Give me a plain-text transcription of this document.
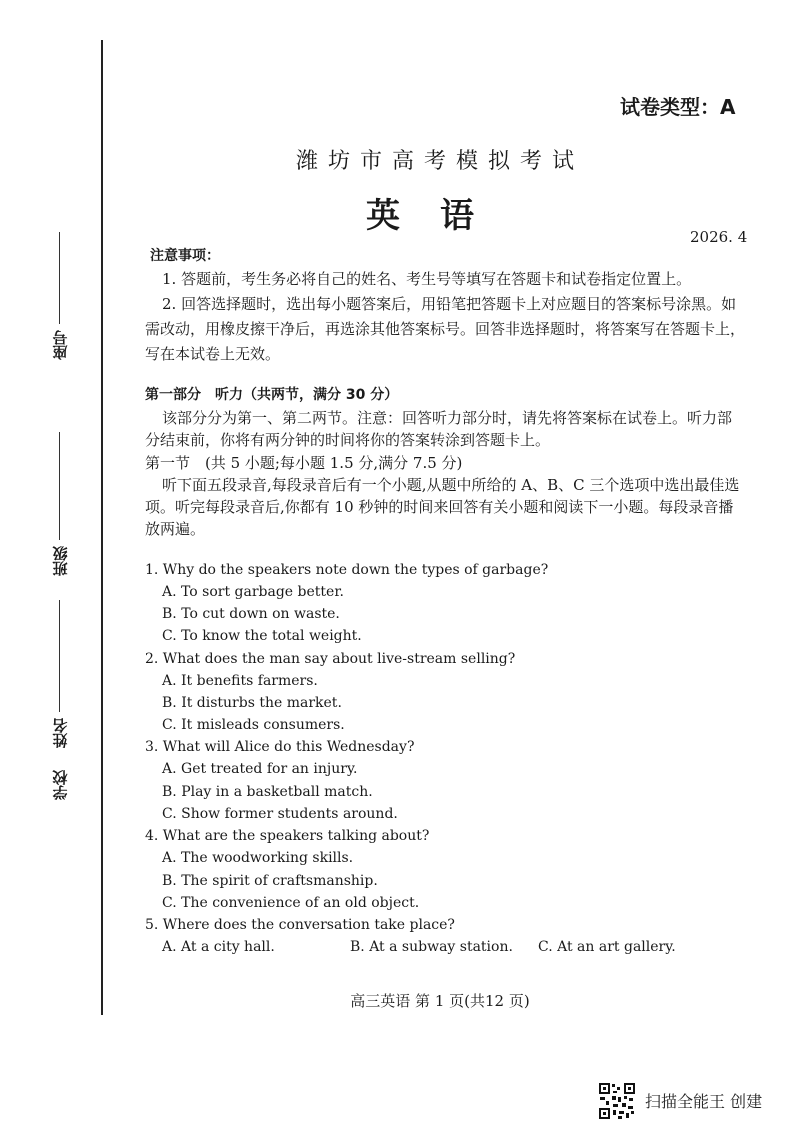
座号
班级
姓名
学校
试卷类型：A
潍坊市高考模拟考试
英语
2026. 4
注意事项：
1. 答题前，考生务必将自己的姓名、考生号等填写在答题卡和试卷指定位置上。
2. 回答选择题时，选出每小题答案后，用铅笔把答题卡上对应题目的答案标号涂黑。如需改动，用橡皮擦干净后，再选涂其他答案标号。回答非选择题时，将答案写在答题卡上，写在本试卷上无效。
第一部分　听力（共两节，满分 30 分）
该部分分为第一、第二两节。注意：回答听力部分时，请先将答案标在试卷上。听力部分结束前，你将有两分钟的时间将你的答案转涂到答题卡上。
第一节　(共 5 小题;每小题 1.5 分,满分 7.5 分)
听下面五段录音,每段录音后有一个小题,从题中所给的 A、B、C 三个选项中选出最佳选项。听完每段录音后,你都有 10 秒钟的时间来回答有关小题和阅读下一小题。每段录音播放两遍。
1. Why do the speakers note down the types of garbage?
A. To sort garbage better.
B. To cut down on waste.
C. To know the total weight.
2. What does the man say about live-stream selling?
A. It benefits farmers.
B. It disturbs the market.
C. It misleads consumers.
3. What will Alice do this Wednesday?
A. Get treated for an injury.
B. Play in a basketball match.
C. Show former students around.
4. What are the speakers talking about?
A. The woodworking skills.
B. The spirit of craftsmanship.
C. The convenience of an old object.
5. Where does the conversation take place?
A. At a city hall.	B. At a subway station. C. At an art gallery.
高三英语 第 1 页(共12 页)
扫描全能王 创建
